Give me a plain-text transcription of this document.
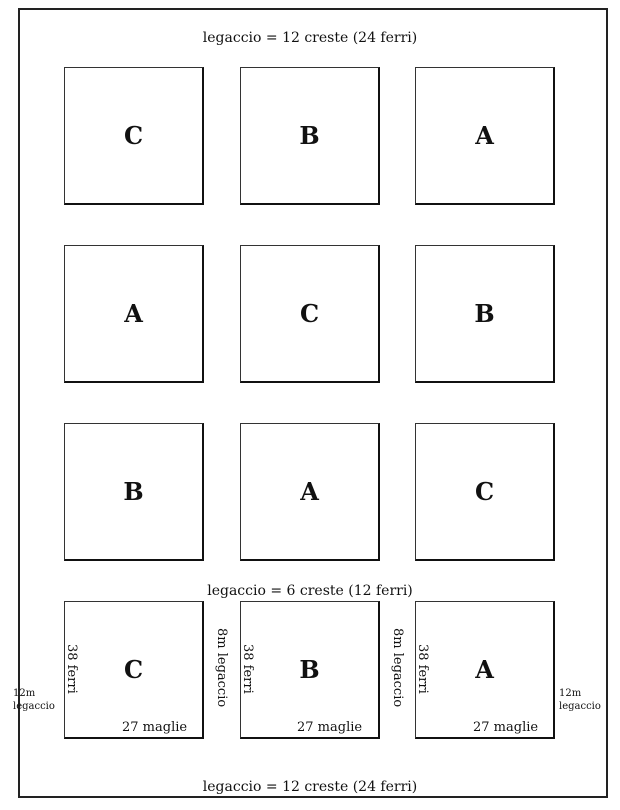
legaccio = 12 creste (24 ferri)
legaccio = 6 creste (12 ferri)
legaccio = 12 creste (24 ferri)
C	B	A
A	C	B
B	A	C
C	B	A
38 ferri	38 ferri	38 ferri
27 maglie	27 maglie	27 maglie
8m legaccio	8m legaccio
12m
legaccio
12m
legaccio
